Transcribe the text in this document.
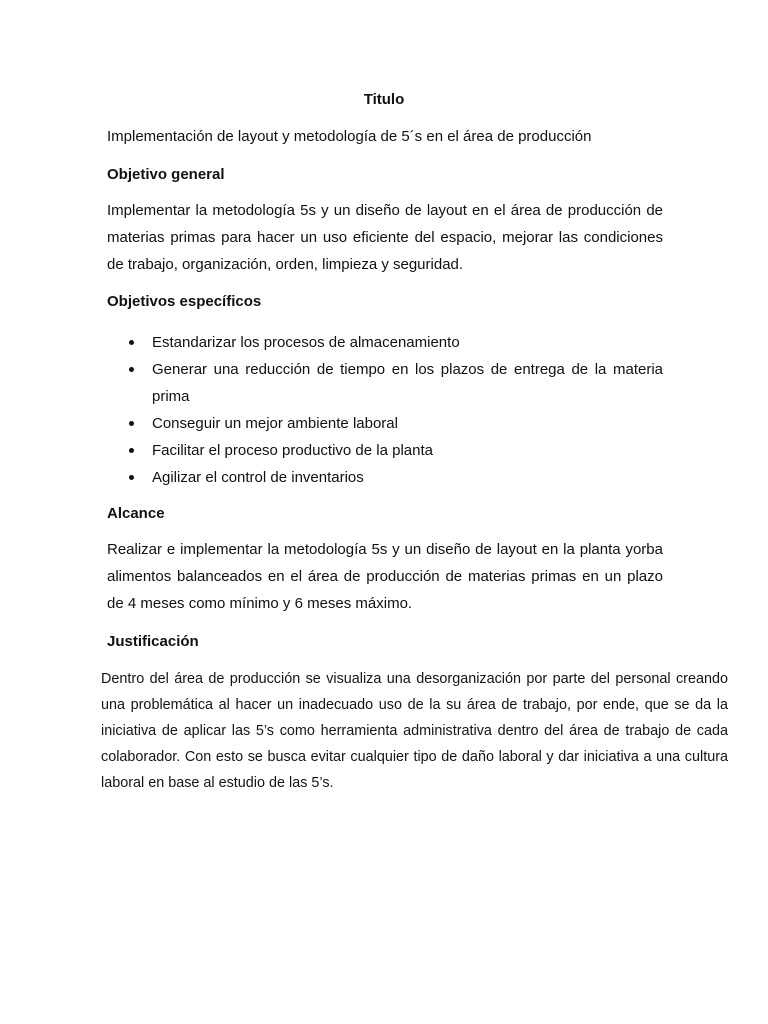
Titulo
Implementación de layout y metodología de 5´s en el área de producción
Objetivo general

Implementar la metodología 5s y un diseño de layout en el área de producción de materias primas para hacer un uso eficiente del espacio, mejorar las condiciones de trabajo, organización, orden, limpieza y seguridad.

Objetivos específicos
Estandarizar los procesos de almacenamiento
Generar una reducción de tiempo en los plazos de entrega de la materia prima
Conseguir un mejor ambiente laboral
Facilitar el proceso productivo de la planta
Agilizar el control de inventarios
Alcance

Realizar e implementar la metodología 5s y un diseño de layout en la planta yorba alimentos balanceados en el área de producción de materias primas en un plazo de 4 meses como mínimo y 6 meses máximo.

Justificación

Dentro del área de producción se visualiza una desorganización por parte del personal creando una problemática al hacer un inadecuado uso de la su área de trabajo, por ende, que se da la iniciativa de aplicar las 5’s como herramienta administrativa dentro del área de trabajo de cada colaborador. Con esto se busca evitar cualquier tipo de daño laboral y dar iniciativa a una cultura laboral en base al estudio de las 5’s.
